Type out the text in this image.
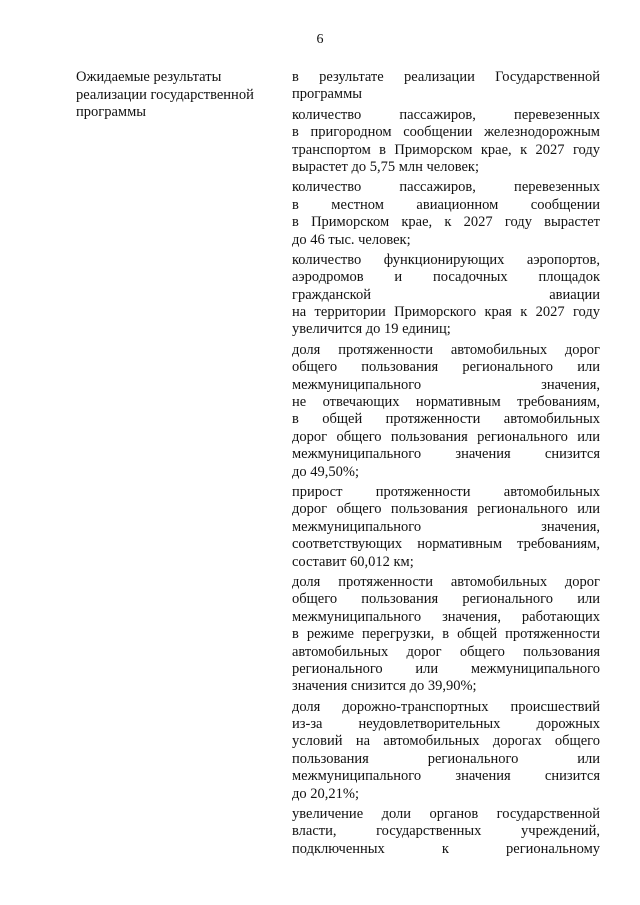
6
Ожидаемые результаты
реализации государственной
программы
в результате реализации Государственной
программы
количество пассажиров, перевезенных
в пригородном сообщении железнодорожным
транспортом в Приморском крае, к 2027 году
вырастет до 5,75 млн человек;
количество пассажиров, перевезенных
в местном авиационном сообщении
в Приморском крае, к 2027 году вырастет
до 46 тыс. человек;
количество функционирующих аэропортов,
аэродромов и посадочных площадок
гражданской авиации
на территории Приморского края к 2027 году
увеличится до 19 единиц;
доля протяженности автомобильных дорог
общего пользования регионального или
межмуниципального значения,
не отвечающих нормативным требованиям,
в общей протяженности автомобильных
дорог общего пользования регионального или
межмуниципального значения снизится
до 49,50%;
прирост протяженности автомобильных
дорог общего пользования регионального или
межмуниципального значения,
соответствующих нормативным требованиям,
составит 60,012 км;
доля протяженности автомобильных дорог
общего пользования регионального или
межмуниципального значения, работающих
в режиме перегрузки, в общей протяженности
автомобильных дорог общего пользования
регионального или межмуниципального
значения снизится до 39,90%;
доля дорожно-транспортных происшествий
из-за неудовлетворительных дорожных
условий на автомобильных дорогах общего
пользования регионального или
межмуниципального значения снизится
до 20,21%;
увеличение доли органов государственной
власти, государственных учреждений,
подключенных к региональному
